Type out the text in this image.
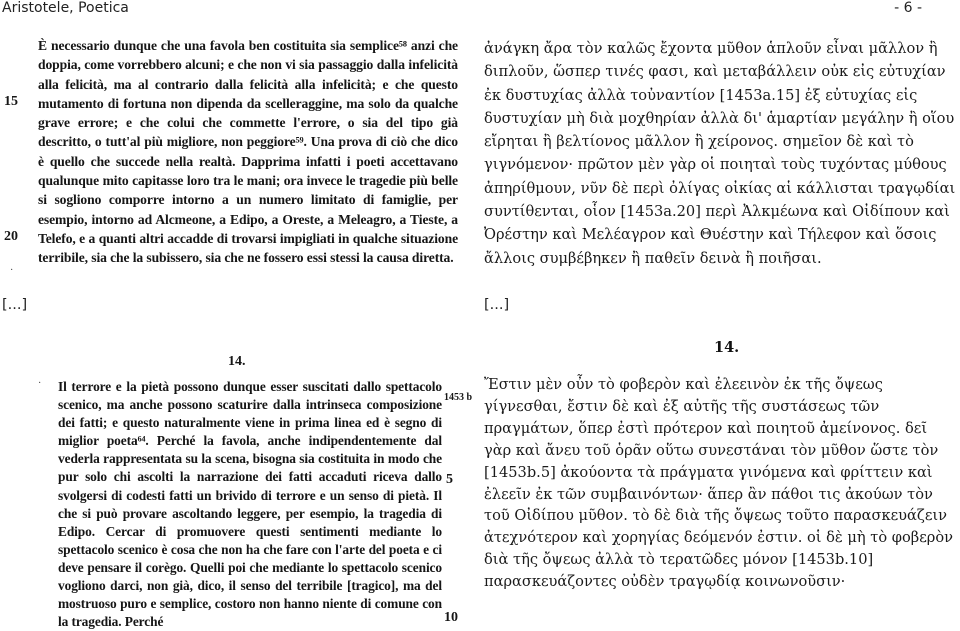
Aristotele, Poetica	- 6 -
È necessario dunque che una favola ben costituita sia semplice⁵⁸ anzi che doppia, come vorrebbero alcuni; e che non vi sia passaggio dalla infelicità alla felicità, ma al contrario dalla felicità alla infelicità; e che questo mutamento di fortuna non dipenda da scelleraggine, ma solo da qualche grave errore; e che colui che commette l'errore, o sia del tipo già descritto, o tutt'al più migliore, non peggiore⁵⁹. Una prova di ciò che dico è quello che succede nella realtà. Dapprima infatti i poeti accettavano qualunque mito capitasse loro tra le mani; ora invece le tragedie più belle si sogliono comporre intorno a un numero limitato di famiglie, per esempio, intorno ad Alcmeone, a Edipo, a Oreste, a Meleagro, a Tieste, a Telefo, e a quanti altri accadde di trovarsi impigliati in qualche situazione terribile, sia che la subissero, sia che ne fossero essi stessi la causa diretta.
15
20
·
[...]
ἀνάγκη ἄρα τὸν καλῶς ἔχοντα μῦθον ἁπλοῦν εἶναι μᾶλλον ἢ διπλοῦν, ὥσπερ τινές φασι, καὶ μεταβάλλειν οὐκ εἰς εὐτυχίαν ἐκ δυστυχίας ἀλλὰ τοὐναντίον [1453a.15] ἐξ εὐτυχίας εἰς δυστυχίαν μὴ διὰ μοχθηρίαν ἀλλὰ δι' ἁμαρτίαν μεγάλην ἢ οἵου εἴρηται ἢ βελτίονος μᾶλλον ἢ χείρονος. σημεῖον δὲ καὶ τὸ γιγνόμενον· πρῶτον μὲν γὰρ οἱ ποιηταὶ τοὺς τυχόντας μύθους ἀπηρίθμουν, νῦν δὲ περὶ ὀλίγας οἰκίας αἱ κάλλισται τραγῳδίαι συντίθενται, οἷον [1453a.20] περὶ Ἀλκμέωνα καὶ Οἰδίπουν καὶ Ὀρέστην καὶ Μελέαγρον καὶ Θυέστην καὶ Τήλεφον καὶ ὅσοις ἄλλοις συμβέβηκεν ἢ παθεῖν δεινὰ ἢ ποιῆσαι.
[...]
14.
14.
· Il terrore e la pietà possono dunque esser suscitati dallo spettacolo scenico, ma anche possono scaturire dalla intrinseca composizione dei fatti; e questo naturalmente viene in prima linea ed è segno di miglior poeta⁶⁴. Perché la favola, anche indipendentemente dal vederla rappresentata su la scena, bisogna sia costituita in modo che pur solo chi ascolti la narrazione dei fatti accaduti riceva dallo svolgersi di codesti fatti un brivido di terrore e un senso di pietà. Il che si può provare ascoltando leggere, per esempio, la tragedia di Edipo. Cercar di promuovere questi sentimenti mediante lo spettacolo scenico è cosa che non ha che fare con l'arte del poeta e ci deve pensare il corègo. Quelli poi che mediante lo spettacolo scenico vogliono darci, non già, dico, il senso del terribile [tragico], ma del mostruoso puro e semplice, costoro non hanno niente di comune con la tragedia. Perché
1453 b
5
10
Ἔστιν μὲν οὖν τὸ φοβερὸν καὶ ἐλεεινὸν ἐκ τῆς ὄψεως γίγνεσθαι, ἔστιν δὲ καὶ ἐξ αὐτῆς τῆς συστάσεως τῶν πραγμάτων, ὅπερ ἐστὶ πρότερον καὶ ποιητοῦ ἀμείνονος. δεῖ γὰρ καὶ ἄνευ τοῦ ὁρᾶν οὕτω συνεστάναι τὸν μῦθον ὥστε τὸν [1453b.5] ἀκούοντα τὰ πράγματα γινόμενα καὶ φρίττειν καὶ ἐλεεῖν ἐκ τῶν συμβαινόντων· ἅπερ ἂν πάθοι τις ἀκούων τὸν τοῦ Οἰδίπου μῦθον. τὸ δὲ διὰ τῆς ὄψεως τοῦτο παρασκευάζειν ἀτεχνότερον καὶ χορηγίας δεόμενόν ἐστιν. οἱ δὲ μὴ τὸ φοβερὸν διὰ τῆς ὄψεως ἀλλὰ τὸ τερατῶδες μόνον [1453b.10] παρασκευάζοντες οὐδὲν τραγῳδίᾳ κοινωνοῦσιν·
